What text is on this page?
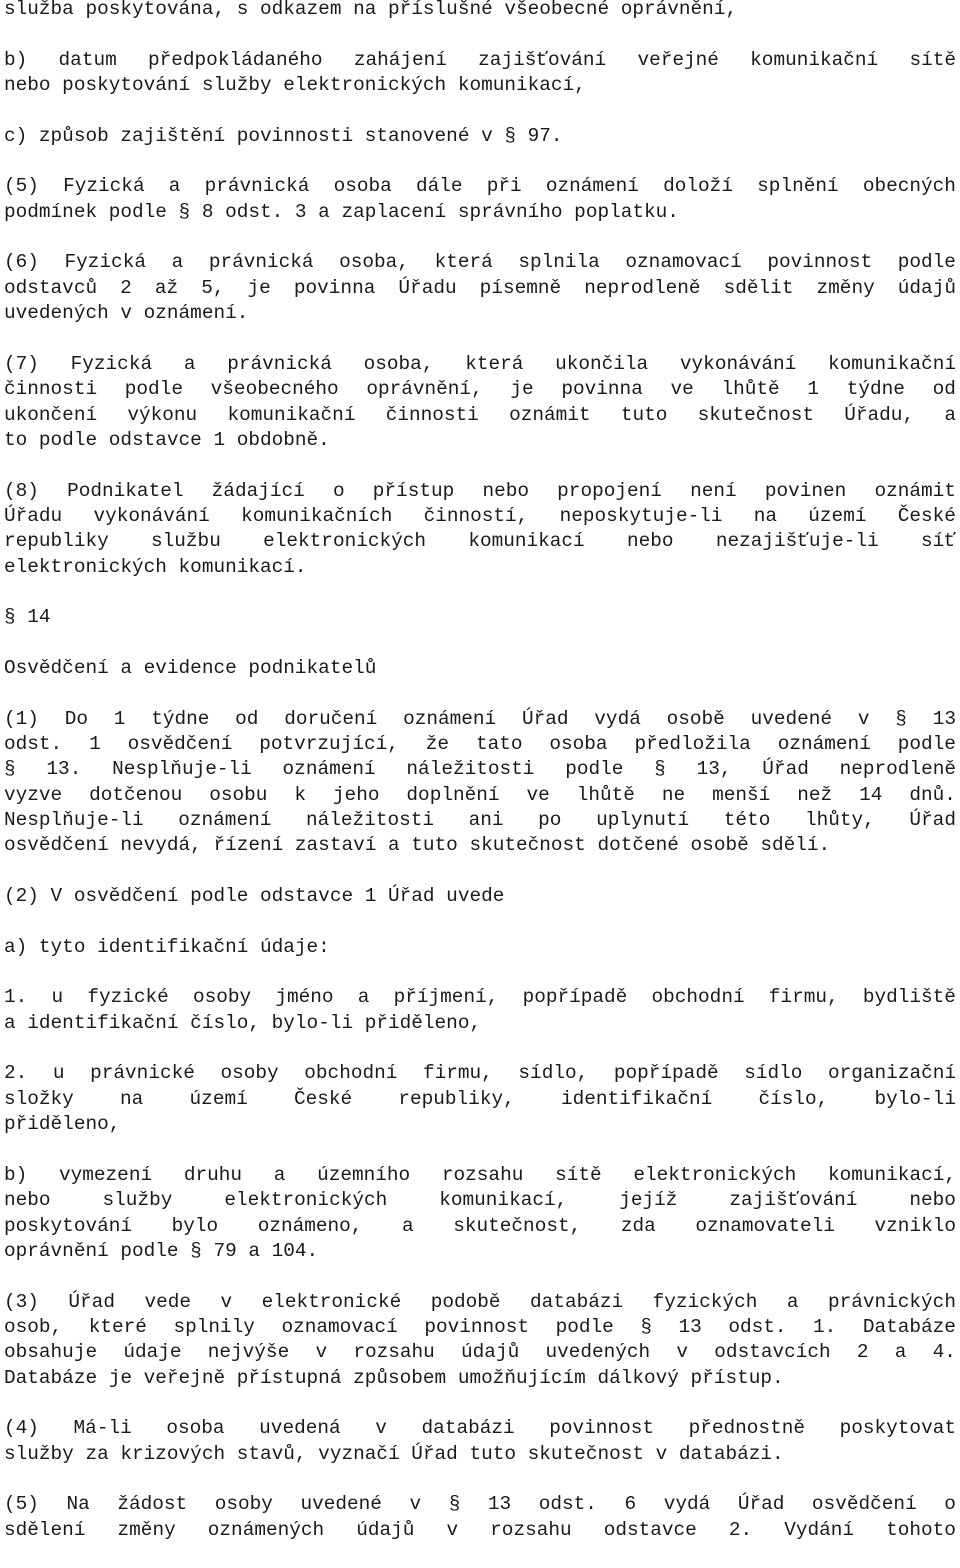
služba poskytována, s odkazem na příslušné všeobecné oprávnění,
b) datum předpokládaného zahájení zajišťování veřejné komunikační sítě
nebo poskytování služby elektronických komunikací,
c) způsob zajištění povinnosti stanovené v § 97.
(5) Fyzická a právnická osoba dále při oznámení doloží splnění obecných
podmínek podle § 8 odst. 3 a zaplacení správního poplatku.
(6) Fyzická a právnická osoba, která splnila oznamovací povinnost podle
odstavců 2 až 5, je povinna Úřadu písemně neprodleně sdělit změny údajů
uvedených v oznámení.
(7) Fyzická a právnická osoba, která ukončila vykonávání komunikační
činnosti podle všeobecného oprávnění, je povinna ve lhůtě 1 týdne od
ukončení výkonu komunikační činnosti oznámit tuto skutečnost Úřadu, a
to podle odstavce 1 obdobně.
(8) Podnikatel žádající o přístup nebo propojení není povinen oznámit
Úřadu vykonávání komunikačních činností, neposkytuje-li na území České
republiky službu elektronických komunikací nebo nezajišťuje-li síť
elektronických komunikací.
§ 14
Osvědčení a evidence podnikatelů
(1) Do 1 týdne od doručení oznámení Úřad vydá osobě uvedené v § 13
odst. 1 osvědčení potvrzující, že tato osoba předložila oznámení podle
§ 13. Nesplňuje-li oznámení náležitosti podle § 13, Úřad neprodleně
vyzve dotčenou osobu k jeho doplnění ve lhůtě ne menší než 14 dnů.
Nesplňuje-li oznámení náležitosti ani po uplynutí této lhůty, Úřad
osvědčení nevydá, řízení zastaví a tuto skutečnost dotčené osobě sdělí.
(2) V osvědčení podle odstavce 1 Úřad uvede
a) tyto identifikační údaje:
1. u fyzické osoby jméno a příjmení, popřípadě obchodní firmu, bydliště
a identifikační číslo, bylo-li přiděleno,
2. u právnické osoby obchodní firmu, sídlo, popřípadě sídlo organizační
složky na území České republiky, identifikační číslo, bylo-li
přiděleno,
b) vymezení druhu a územního rozsahu sítě elektronických komunikací,
nebo	služby	elektronických	komunikací,	jejíž	zajišťování	nebo
poskytování bylo oznámeno, a skutečnost, zda oznamovateli vzniklo
oprávnění podle § 79 a 104.
(3) Úřad vede v elektronické podobě databázi fyzických a právnických
osob, které splnily oznamovací povinnost podle § 13 odst. 1. Databáze
obsahuje údaje nejvýše v rozsahu údajů uvedených v odstavcích 2 a 4.
Databáze je veřejně přístupná způsobem umožňujícím dálkový přístup.
(4) Má-li osoba uvedená v databázi povinnost přednostně poskytovat
služby za krizových stavů, vyznačí Úřad tuto skutečnost v databázi.
(5) Na žádost osoby uvedené v § 13 odst. 6 vydá Úřad osvědčení o
sdělení změny oznámených údajů v rozsahu odstavce 2. Vydání tohoto
